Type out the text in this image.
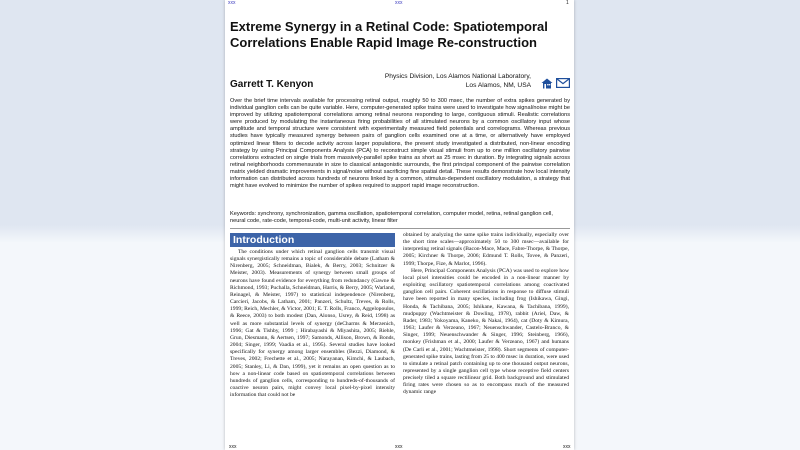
xxx	xxx	1
Extreme Synergy in a Retinal Code: Spatiotemporal Correlations Enable Rapid Image Re-construction

Garrett T. Kenyon

Physics Division, Los Alamos National Laboratory, Los Alamos, NM, USA

Over the brief time intervals available for processing retinal output, roughly 50 to 300 msec, the number of extra spikes generated by individual ganglion cells can be quite variable. Here, computer-generated spike trains were used to investigate how signal/noise might be improved by utilizing spatiotemporal correlations among retinal neurons responding to large, contiguous stimuli. Realistic correlations were produced by modulating the instantaneous firing probabilities of all stimulated neurons by a common oscillatory input whose amplitude and temporal structure were consistent with experimentally measured field potentials and correlograms. Whereas previous studies have typically measured synergy between pairs of ganglion cells examined one at a time, or alternatively have employed optimized linear filters to decode activity across larger populations, the present study investigated a distributed, non-linear encoding strategy by using Principal Components Analysis (PCA) to reconstruct simple visual stimuli from up to one million oscillatory pairwise correlations extracted on single trials from massively-parallel spike trains as short as 25 msec in duration. By integrating signals across retinal neighborhoods commensurate in size to classical antagonistic surrounds, the first principal component of the pairwise correlation matrix yielded dramatic improvements in signal/noise without sacrificing fine spatial detail. These results demonstrate how local intensity information can distributed across hundreds of neurons linked by a common, stimulus-dependent oscillatory modulation, a strategy that might have evolved to minimize the number of spikes required to support rapid image reconstruction.

Keywords: synchrony, synchronization, gamma oscillation, spatiotemporal correlation, computer model, retina, retinal ganglion cell, neural code, rate-code, temporal-code, multi-unit activity, linear filter

Introduction

The conditions under which retinal ganglion cells transmit visual signals synergistically remains a topic of considerable debate (Latham & Nirenberg, 2005; Schneidman, Bialek, & Berry, 2003; Schnitzer & Meister, 2003). Measurements of synergy between small groups of neurons have found evidence for everything from redundancy (Gawne & Richmond, 1993; Puchalla, Schneidman, Harris, & Berry, 2005; Warland, Reinagel, & Meister, 1997) to statistical independence (Nirenberg, Carcieri, Jacobs, & Latham, 2001; Panzeri, Schultz, Treves, & Rolls, 1999; Reich, Mechler, & Victor, 2001; E. T. Rolls, Franco, Aggelopoulos, & Reece, 2003) to both modest (Dan, Alonso, Usrey, & Reid, 1998) as well as more substantial levels of synergy (deCharms & Merzenich, 1996; Gat & Tishby, 1999 ; Hirabayashi & Miyashita, 2005; Riehle, Grun, Diesmann, & Aertsen, 1997; Samonds, Allison, Brown, & Bonds, 2004; Singer, 1999; Vaadia et al., 1995). Several studies have looked specifically for synergy among larger ensembles (Bezzi, Diamond, & Treves, 2002; Frechette et al., 2005; Narayanan, Kimchi, & Laubach, 2005; Stanley, Li, & Dan, 1999), yet it remains an open question as to how a non-linear code based on spatiotemporal correlations between hundreds of ganglion cells, corresponding to hundreds-of-thousands of coactive neuron pairs, might convey local pixel-by-pixel intensity information that could not be

obtained by analyzing the same spike trains individually, especially over the short time scales—approximately 50 to 300 msec—available for interpreting retinal signals (Bacon-Mace, Mace, Fabre-Thorpe, & Thorpe, 2005; Kirchner & Thorpe, 2006; Edmund T. Rolls, Tovee, & Panzeri, 1999; Thorpe, Fize, & Marlot, 1996).

Here, Principal Components Analysis (PCA) was used to explore how local pixel intensities could be encoded in a non-linear manner by exploiting oscillatory spatiotemporal correlations among coactivated ganglion cell pairs. Coherent oscillations in response to diffuse stimuli have been reported in many species, including frog (Ishikawa, Gingi, Honda, & Tachibana, 2005; Ishikane, Kawana, & Tachibana, 1999), mudpuppy (Wachtmeister & Dowling, 1978), rabbit (Ariel, Daw, & Rader, 1983; Yokoyama, Kaneko, & Nakai, 1964), cat (Doty & Kimura, 1963; Laufer & Verzeano, 1967; Neuenschwander, Castelo-Branco, & Singer, 1999; Neuenschwander & Singer, 1996; Steinberg, 1966), monkey (Frishman et al., 2000; Laufer & Verzeano, 1967) and humans (De Carli et al., 2001; Wachtmeister, 1998). Short segments of computer-generated spike trains, lasting from 25 to 400 msec in duration, were used to simulate a retinal patch containing up to one thousand output neurons, represented by a single ganglion cell type whose receptive field centers precisely tiled a square rectilinear grid. Both background and stimulated firing rates were chosen so as to encompass much of the measured dynamic range

xxx	xxx	xxx
